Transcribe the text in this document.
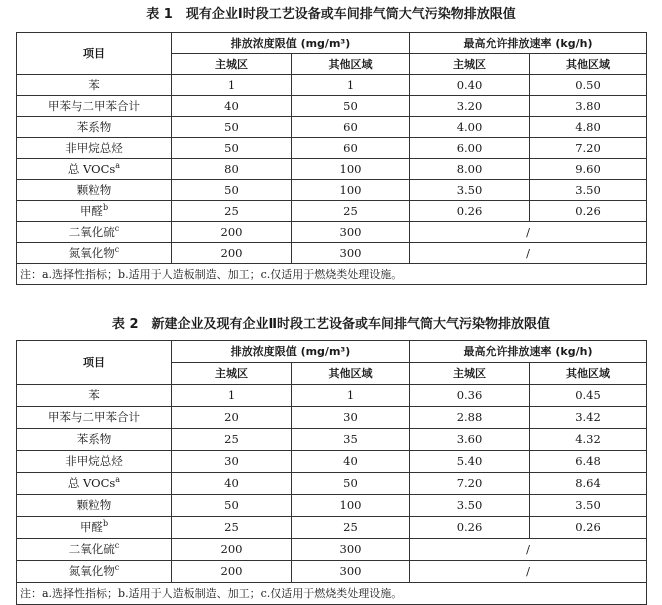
表 1　现有企业Ⅰ时段工艺设备或车间排气筒大气污染物排放限值
项目	排放浓度限值 (mg/m³)		最高允许排放速率 (kg/h)	
	主城区	其他区域	主城区	其他区域
苯	1	1	0.40	0.50
甲苯与二甲苯合计	40	50	3.20	3.80
苯系物	50	60	4.00	4.80
非甲烷总烃	50	60	6.00	7.20
总 VOCs$^a$	80	100	8.00	9.60
颗粒物	50	100	3.50	3.50
甲醛$^b$	25	25	0.26	0.26
二氧化硫$^c$	200	300	/	
氮氧化物$^c$	200	300	/	
注：a.选择性指标；b.适用于人造板制造、加工；c.仅适用于燃烧类处理设施。				
表 2　新建企业及现有企业Ⅱ时段工艺设备或车间排气筒大气污染物排放限值
项目	排放浓度限值 (mg/m³)		最高允许排放速率 (kg/h)	
	主城区	其他区域	主城区	其他区域
苯	1	1	0.36	0.45
甲苯与二甲苯合计	20	30	2.88	3.42
苯系物	25	35	3.60	4.32
非甲烷总烃	30	40	5.40	6.48
总 VOCs$^a$	40	50	7.20	8.64
颗粒物	50	100	3.50	3.50
甲醛$^b$	25	25	0.26	0.26
二氧化硫$^c$	200	300	/	
氮氧化物$^c$	200	300	/	
注：a.选择性指标；b.适用于人造板制造、加工；c.仅适用于燃烧类处理设施。				
